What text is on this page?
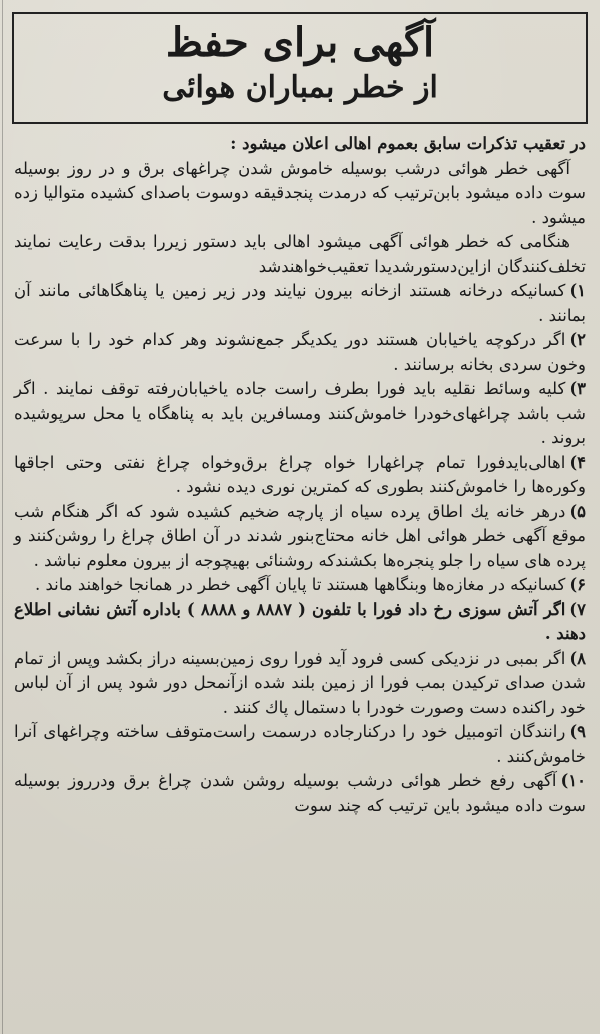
آگهی برای حفظ
از خطر بمباران هوائی

در تعقیب تذکرات سابق بعموم اهالی اعلان میشود :

آگهی خطر هوائی درشب بوسیله خاموش شدن چراغهای برق و در روز بوسیله سوت داده میشود بابن‌ترتیب که درمدت پنجدقیقه دوسوت باصدای کشیده متوالیا زده میشود .

هنگامی که خطر هوائی آگهی میشود اهالی باید دستور زیررا بدقت رعایت نمایند تخلف‌کنندگان ازاین‌دستورشدیدا تعقیب‌خواهندشد

۱)کسانیکه درخانه هستند ازخانه بیرون نیایند ودر زیر زمین یا پناهگاهائی مانند آن بمانند .

۲)اگر درکوچه یاخیابان هستند دور یکدیگر جمع‌نشوند وهر کدام خود را با سرعت وخون سردی بخانه برسانند .

۳)کلیه وسائط نقلیه باید فورا بطرف راست جاده یاخیابان‌رفته توقف نمایند . اگر شب باشد چراغهای‌خودرا خاموش‌کنند ومسافرین باید به پناهگاه یا محل سرپوشیده بروند .

۴)اهالی‌بایدفورا تمام چراغهارا خواه چراغ برق‌وخواه چراغ نفتی وحتی اجاقها وکوره‌ها را خاموش‌کنند بطوری که کمترین نوری دیده نشود .

۵)درهر خانه یك اطاق پرده سیاه از پارچه ضخیم کشیده شود که اگر هنگام شب موقع آگهی خطر هوائی اهل خانه محتاج‌بنور شدند در آن اطاق چراغ را روشن‌کنند و پرده های سیاه را جلو پنجره‌ها بکشند‌که روشنائی بهیچوجه از بیرون معلوم نباشد .

۶)کسانیکه در مغازه‌ها وبنگاهها هستند تا پایان آگهی خطر در همانجا خواهند ماند .

۷)اگر آتش سوزی رخ داد فورا با تلفون ( ۸۸۸۷ و ۸۸۸۸ ) باداره آتش نشانی اطلاع دهند .

۸)اگر بمبی در نزدیکی کسی فرود آید فورا روی زمین‌بسینه دراز بکشد وپس از تمام شدن صدای ترکیدن بمب فورا از زمین بلند شده ازآنمحل دور شود پس از آن لباس خود راکنده دست وصورت خودرا با دستمال پاك کنند .

۹)رانندگان اتومبیل خود را درکنارجاده درسمت راست‌متوقف ساخته وچراغهای آنرا خاموش‌کنند .

۱۰)آگهی رفع خطر هوائی درشب بوسیله روشن شدن چراغ برق ودرروز بوسیله سوت داده میشود باین ترتیب که چند سوت
